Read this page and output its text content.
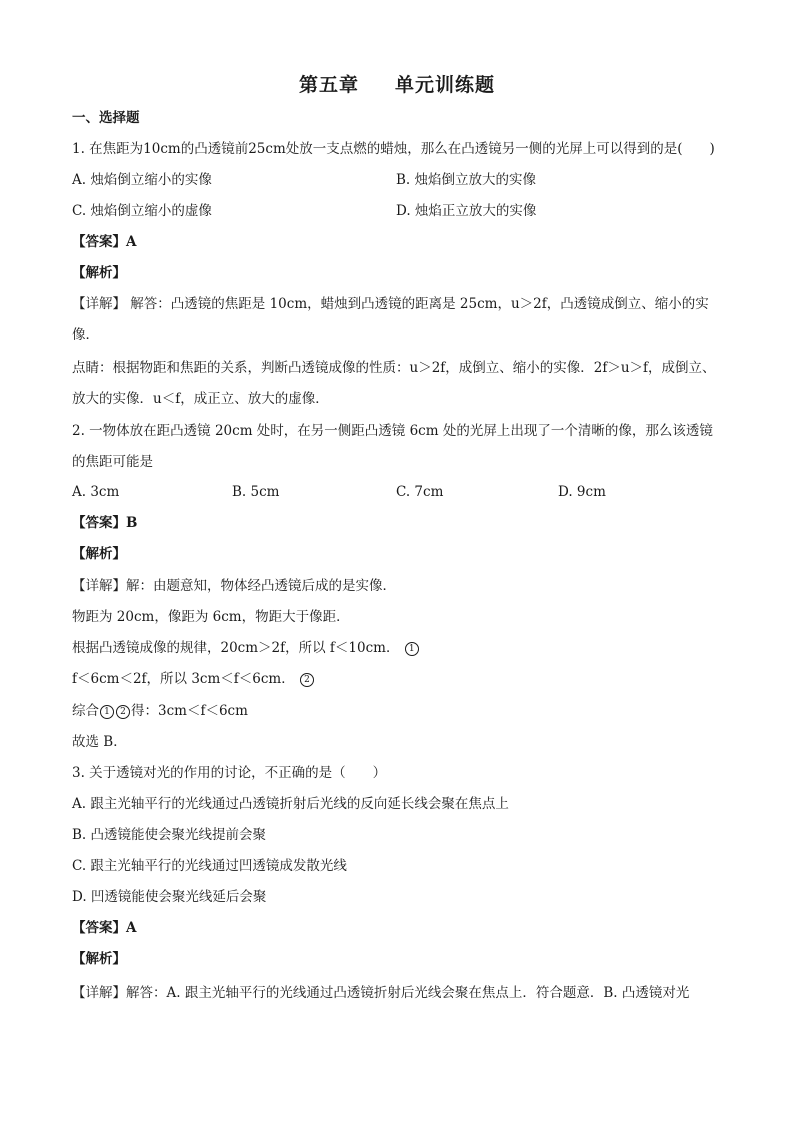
第五章 单元训练题
一、选择题
1. 在焦距为10cm的凸透镜前25cm处放一支点燃的蜡烛，那么在凸透镜另一侧的光屏上可以得到的是(　　)
A. 烛焰倒立缩小的实像	B. 烛焰倒立放大的实像
C. 烛焰倒立缩小的虚像	D. 烛焰正立放大的实像
【答案】A
【解析】
【详解】 解答：凸透镜的焦距是 10cm，蜡烛到凸透镜的距离是 25cm，u＞2f，凸透镜成倒立、缩小的实
像．
点睛：根据物距和焦距的关系，判断凸透镜成像的性质：u＞2f，成倒立、缩小的实像．2f＞u＞f，成倒立、
放大的实像．u＜f，成正立、放大的虚像．
2. 一物体放在距凸透镜 20cm 处时，在另一侧距凸透镜 6cm 处的光屏上出现了一个清晰的像，那么该透镜
的焦距可能是
A. 3cm	B. 5cm	C. 7cm	D. 9cm
【答案】B
【解析】
【详解】解：由题意知，物体经凸透镜后成的是实像．
物距为 20cm，像距为 6cm，物距大于像距．
根据凸透镜成像的规律，20cm＞2f，所以 f＜10cm． 1
f＜6cm＜2f，所以 3cm＜f＜6cm． 2
综合 1 2 得：3cm＜f＜6cm
故选 B．
3. 关于透镜对光的作用的讨论，不正确的是（　　）
A. 跟主光轴平行的光线通过凸透镜折射后光线的反向延长线会聚在焦点上
B. 凸透镜能使会聚光线提前会聚
C. 跟主光轴平行的光线通过凹透镜成发散光线
D. 凹透镜能使会聚光线延后会聚
【答案】A
【解析】
【详解】解答：A. 跟主光轴平行的光线通过凸透镜折射后光线会聚在焦点上．符合题意．B. 凸透镜对光
